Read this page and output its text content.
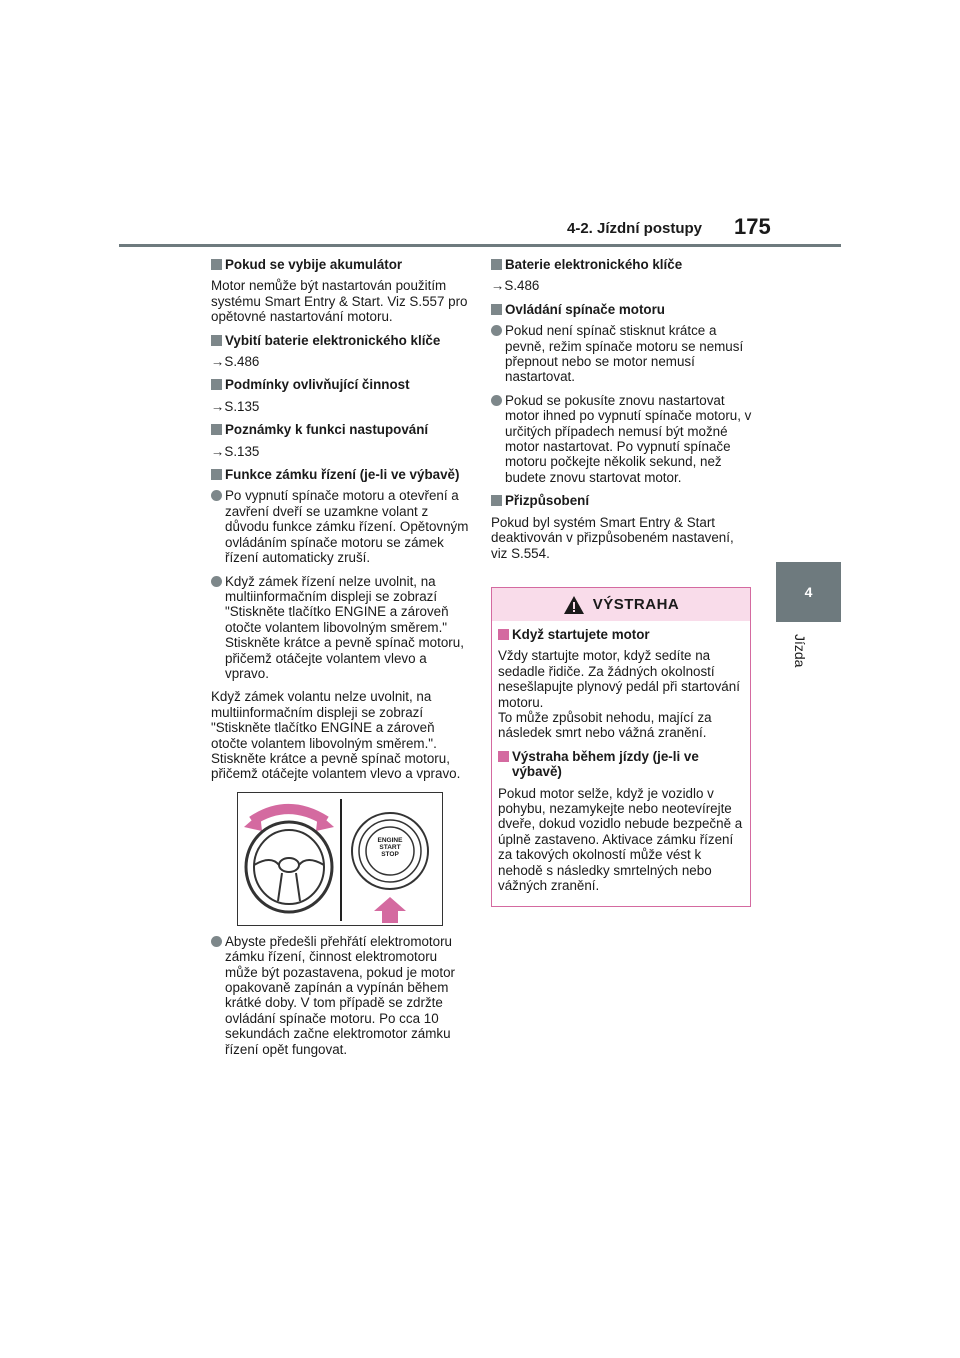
4-2. Jízdní postupy 175
4
Jízda
Pokud se vybije akumulátor
Motor nemůže být nastartován použitím systému Smart Entry & Start. Viz S.557 pro opětovné nastartování motoru.
Vybití baterie elektronického klíče
→S.486
Podmínky ovlivňující činnost
→S.135
Poznámky k funkci nastupování
→S.135
Funkce zámku řízení (je-li ve výbavě)
Po vypnutí spínače motoru a otevření a zavření dveří se uzamkne volant z důvodu funkce zámku řízení. Opětovným ovládáním spínače motoru se zámek řízení automaticky zruší.
Když zámek řízení nelze uvolnit, na multiinformačním displeji se zobrazí "Stiskněte tlačítko ENGINE a zároveň otočte volantem libovolným směrem." Stiskněte krátce a pevně spínač motoru, přičemž otáčejte volantem vlevo a vpravo.
Když zámek volantu nelze uvolnit, na multiinformačním displeji se zobrazí "Stiskněte tlačítko ENGINE a zároveň otočte volantem libovolným směrem.". Stiskněte krátce a pevně spínač motoru, přičemž otáčejte volantem vlevo a vpravo.
ENGINE
START
STOP
Abyste předešli přehřátí elektromotoru zámku řízení, činnost elektromotoru může být pozastavena, pokud je motor opakovaně zapínán a vypínán během krátké doby. V tom případě se zdržte ovládání spínače motoru. Po cca 10 sekundách začne elektromotor zámku řízení opět fungovat.
Baterie elektronického klíče
→S.486
Ovládání spínače motoru
Pokud není spínač stisknut krátce a pevně, režim spínače motoru se nemusí přepnout nebo se motor nemusí nastartovat.
Pokud se pokusíte znovu nastartovat motor ihned po vypnutí spínače motoru, v určitých případech nemusí být možné motor nastartovat. Po vypnutí spínače motoru počkejte několik sekund, než budete znovu startovat motor.
Přizpůsobení
Pokud byl systém Smart Entry & Start deaktivován v přizpůsobeném nastavení, viz S.554.
VÝSTRAHA
Když startujete motor
Vždy startujte motor, když sedíte na sedadle řidiče. Za žádných okolností nesešlapujte plynový pedál při startování motoru.
To může způsobit nehodu, mající za následek smrt nebo vážná zranění.
Výstraha během jízdy (je-li ve výbavě)
Pokud motor selže, když je vozidlo v pohybu, nezamykejte nebo neotevírejte dveře, dokud vozidlo nebude bezpečně a úplně zastaveno. Aktivace zámku řízení za takových okolností může vést k nehodě s následky smrtelných nebo vážných zranění.
